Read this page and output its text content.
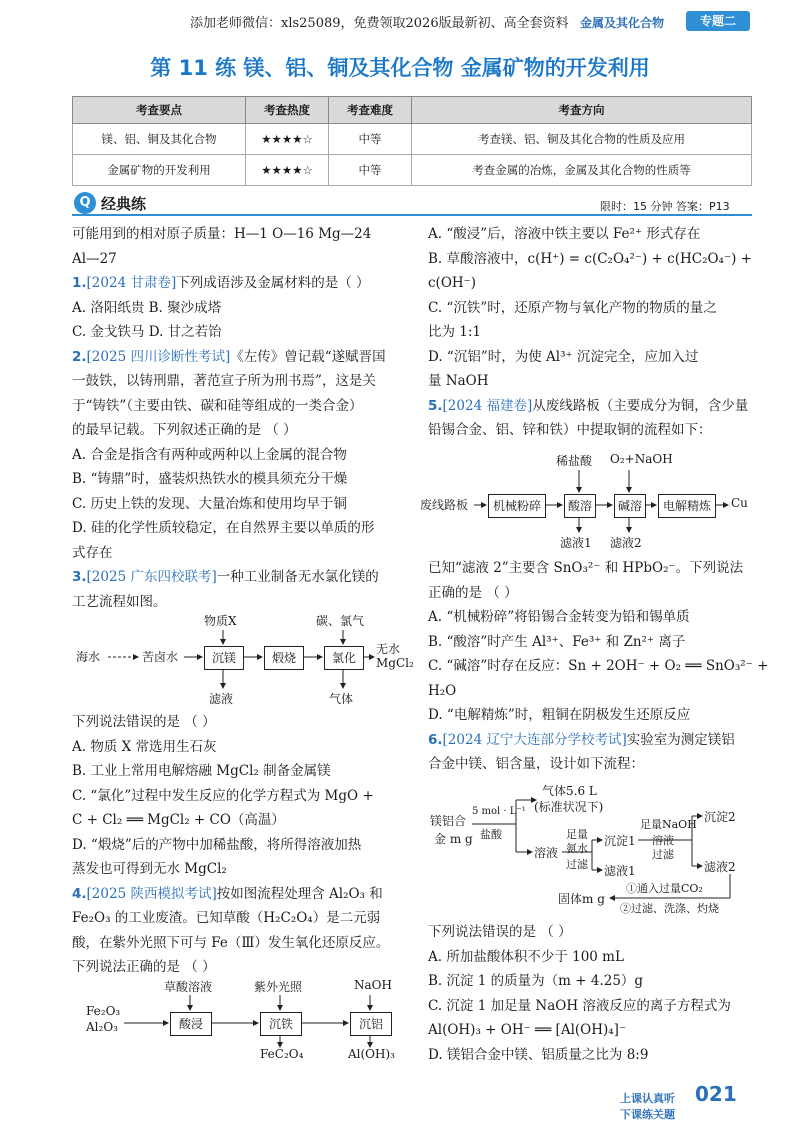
添加老师微信：xls25089，免费领取2026版最新初、高全套资料 金属及其化合物	专题二
第 11 练 镁、铝、铜及其化合物 金属矿物的开发利用
考查要点	考查热度	考查难度	考查方向
镁、铝、铜及其化合物	★★★★☆	中等	考查镁、铝、铜及其化合物的性质及应用
金属矿物的开发利用	★★★★☆	中等	考查金属的冶炼，金属及其化合物的性质等
Q 经典练	限时：15 分钟 答案：P13
可能用到的相对原子质量：H—1 O—16 Mg—24
Al—27
1.[2024 甘肃卷]下列成语涉及金属材料的是（ ）
A. 洛阳纸贵 B. 聚沙成塔
C. 金戈铁马 D. 甘之若饴
2.[2025 四川诊断性考试]《左传》曾记载“遂赋晋国
一鼓铁，以铸刑鼎，著范宣子所为刑书焉”，这是关
于“铸铁”（主要由铁、碳和硅等组成的一类合金）
的最早记载。下列叙述正确的是 （ ）
A. 合金是指含有两种或两种以上金属的混合物
B. “铸鼎”时，盛装炽热铁水的模具须充分干燥
C. 历史上铁的发现、大量冶炼和使用均早于铜
D. 硅的化学性质较稳定，在自然界主要以单质的形
式存在
3.[2025 广东四校联考]一种工业制备无水氯化镁的
工艺流程如图。
海水	苦卤水	沉镁	煅烧	氯化
物质X	碳、氯气
滤液	气体
无水
MgCl₂
下列说法错误的是 （ ）
A. 物质 X 常选用生石灰
B. 工业上常用电解熔融 MgCl₂ 制备金属镁
C. “氯化”过程中发生反应的化学方程式为 MgO +
C + Cl₂ ══ MgCl₂ + CO（高温）
D. “煅烧”后的产物中加稀盐酸，将所得溶液加热
蒸发也可得到无水 MgCl₂
4.[2025 陕西模拟考试]按如图流程处理含 Al₂O₃ 和
Fe₂O₃ 的工业废渣。已知草酸（H₂C₂O₄）是二元弱
酸，在紫外光照下可与 Fe（Ⅲ）发生氧化还原反应。
下列说法正确的是 （ ）
Fe₂O₃
Al₂O₃	酸浸	沉铁	沉铝
草酸溶液	紫外光照	NaOH
FeC₂O₄	Al(OH)₃
A. “酸浸”后，溶液中铁主要以 Fe²⁺ 形式存在
B. 草酸溶液中，c(H⁺) = c(C₂O₄²⁻) + c(HC₂O₄⁻) +
c(OH⁻)
C. “沉铁”时，还原产物与氧化产物的物质的量之
比为 1:1
D. “沉铝”时，为使 Al³⁺ 沉淀完全，应加入过
量 NaOH
5.[2024 福建卷]从废线路板（主要成分为铜，含少量
铅锡合金、铝、锌和铁）中提取铜的流程如下：
废线路板	机械粉碎	酸溶	碱溶	电解精炼	Cu
稀盐酸 O₂+NaOH
滤液1 滤液2
已知“滤液 2”主要含 SnO₃²⁻ 和 HPbO₂⁻。下列说法
正确的是 （ ）
A. “机械粉碎”将铅锡合金转变为铅和锡单质
B. “酸溶”时产生 Al³⁺、Fe³⁺ 和 Zn²⁺ 离子
C. “碱溶”时存在反应：Sn + 2OH⁻ + O₂ ══ SnO₃²⁻ +
H₂O
D. “电解精炼”时，粗铜在阴极发生还原反应
6.[2024 辽宁大连部分学校考试]实验室为测定镁铝
合金中镁、铝含量，设计如下流程：
镁铝合
金 m g
5 mol · L⁻¹
盐酸
气体5.6 L
(标准状况下)
溶液
足量
氨水
过滤
沉淀1
滤液1
足量NaOH
溶液
过滤
沉淀2
滤液2
固体m g
①通入过量CO₂
②过滤、洗涤、灼烧
下列说法错误的是 （ ）
A. 所加盐酸体积不少于 100 mL
B. 沉淀 1 的质量为（m + 4.25）g
C. 沉淀 1 加足量 NaOH 溶液反应的离子方程式为
Al(OH)₃ + OH⁻ ══ [Al(OH)₄]⁻
D. 镁铝合金中镁、铝质量之比为 8:9
上课认真听
下课练关题
021
